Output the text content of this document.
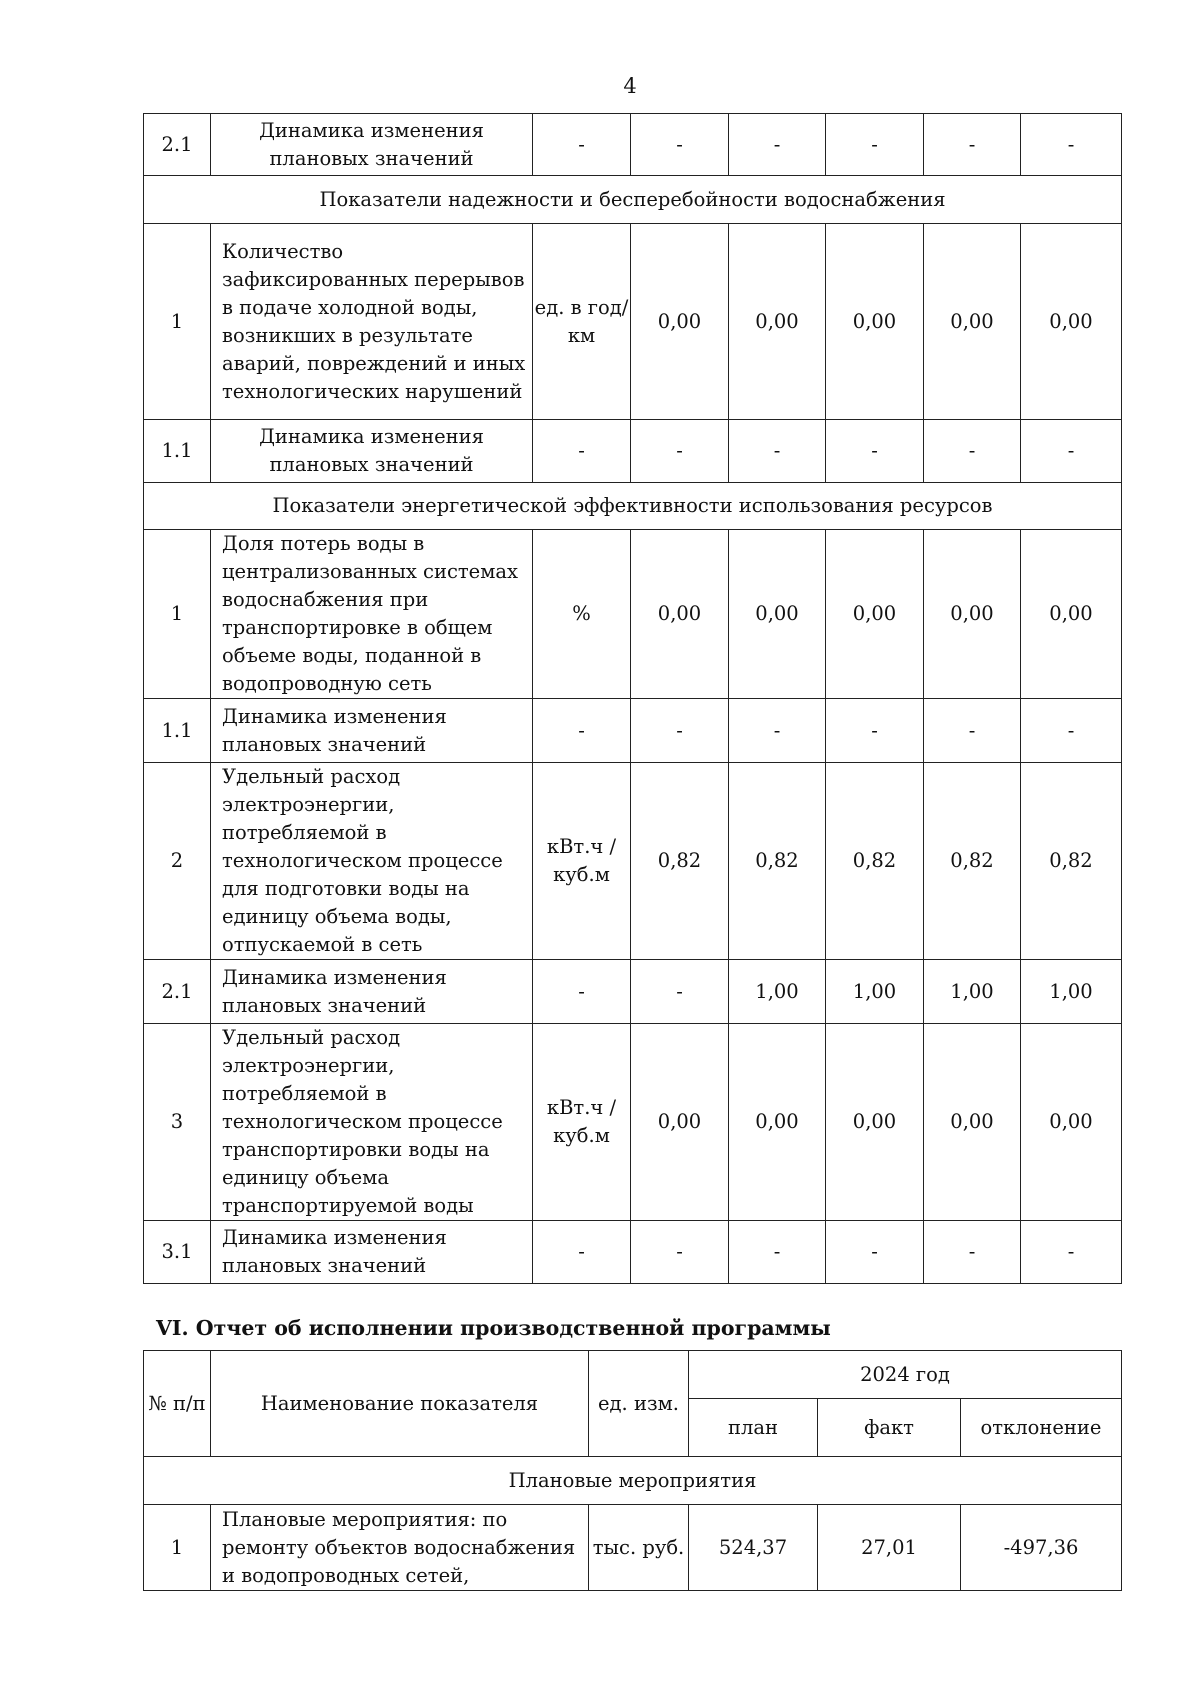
4
2.1	Динамика изменения плановых значений	-	-	-	-	-	-
Показатели надежности и бесперебойности водоснабжения							
1	Количество зафиксированных перерывов в подаче холодной воды, возникших в результате аварий, повреждений и иных технологических нарушений	ед. в год/ км	0,00	0,00	0,00	0,00	0,00
1.1	Динамика изменения плановых значений	-	-	-	-	-	-
Показатели энергетической эффективности использования ресурсов							
1	Доля потерь воды в централизованных системах водоснабжения при транспортировке в общем объеме воды, поданной в водопроводную сеть	%	0,00	0,00	0,00	0,00	0,00
1.1	Динамика изменения плановых значений	-	-	-	-	-	-
2	Удельный расход электроэнергии, потребляемой в технологическом процессе для подготовки воды на единицу объема воды, отпускаемой в сеть	кВт.ч / куб.м	0,82	0,82	0,82	0,82	0,82
2.1	Динамика изменения плановых значений	-	-	1,00	1,00	1,00	1,00
3	Удельный расход электроэнергии, потребляемой в технологическом процессе транспортировки воды на единицу объема транспортируемой воды	кВт.ч / куб.м	0,00	0,00	0,00	0,00	0,00
3.1	Динамика изменения плановых значений	-	-	-	-	-	-
VI. Отчет об исполнении производственной программы
№ п/п	Наименование показателя	ед. изм.	2024 год		
			план	факт	отклонение
Плановые мероприятия					
1	Плановые мероприятия: по ремонту объектов водоснабжения и водопроводных сетей,	тыс. руб.	524,37	27,01	-497,36
